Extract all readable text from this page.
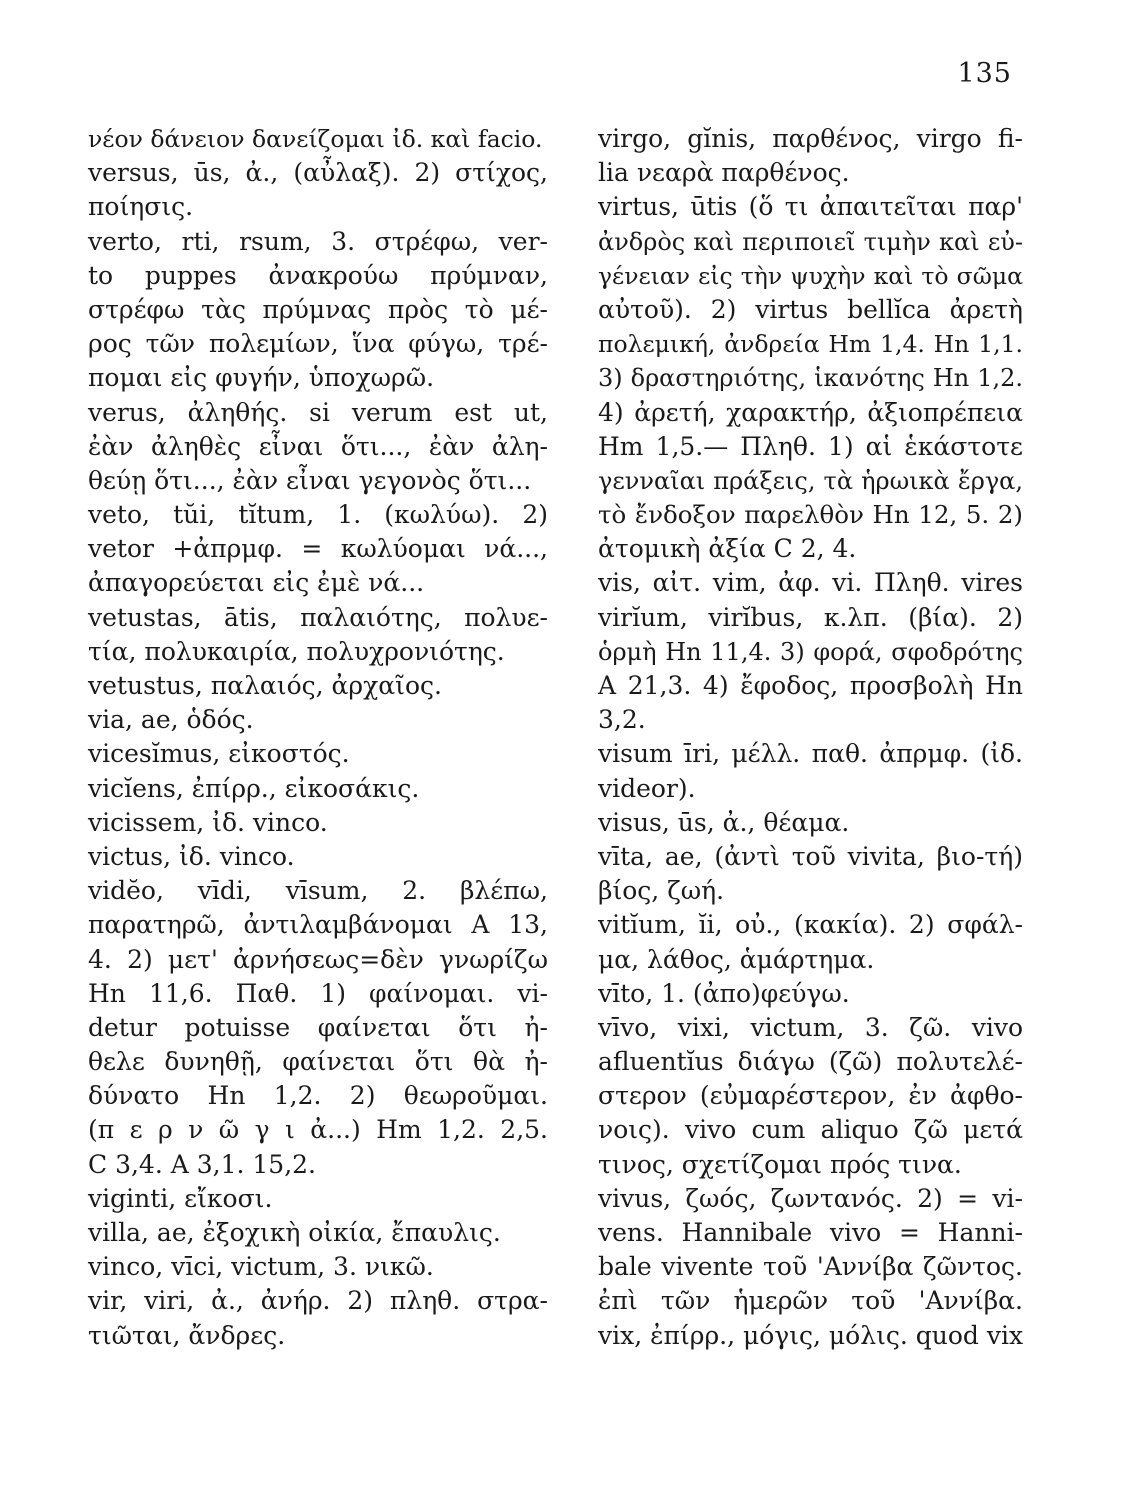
135
νέον δάνειον δανείζομαι ἰδ. καὶ facio.
versus, ūs, ἀ., (αὖλαξ). 2) στίχος,
ποίησις.
verto, rti, rsum, 3. στρέφω, ver-
to puppes ἀνακρούω πρύμναν,
στρέφω τὰς πρύμνας πρὸς τὸ μέ-
ρος τῶν πολεμίων, ἵνα φύγω, τρέ-
πομαι εἰς φυγήν, ὑποχωρῶ.
verus, ἀληθής. si verum est ut,
ἐὰν ἀληθὲς εἶναι ὅτι..., ἐὰν ἀλη-
θεύῃ ὅτι..., ἐὰν εἶναι γεγονὸς ὅτι...
veto, tŭi, tĭtum, 1. (κωλύω). 2)
vetor +ἀπρμφ. = κωλύομαι νά...,
ἀπαγορεύεται εἰς ἐμὲ νά...
vetustas, ātis, παλαιότης, πολυε-
τία, πολυκαιρία, πολυχρονιότης.
vetustus, παλαιός, ἀρχαῖος.
via, ae, ὁδός.
vicesĭmus, εἰκοστός.
vicĭens, ἐπίρρ., εἰκοσάκις.
vicissem, ἰδ. vinco.
victus, ἰδ. vinco.
vidĕo, vīdi, vīsum, 2. βλέπω,
παρατηρῶ, ἀντιλαμβάνομαι A 13,
4. 2) μετ' ἀρνήσεως=δὲν γνωρίζω
Hn 11,6. Παθ. 1) φαίνομαι. vi-
detur potuisse φαίνεται ὅτι ἠ-
θελε δυνηθῇ, φαίνεται ὅτι θὰ ἠ-
δύνατο Hn 1,2. 2) θεωροῦμαι.
(π ε ρ ν ῶ γ ι ἀ...) Hm 1,2. 2,5.
C 3,4. A 3,1. 15,2.
viginti, εἴκοσι.
villa, ae, ἐξοχικὴ οἰκία, ἔπαυλις.
vinco, vīci, victum, 3. νικῶ.
vir, viri, ἀ., ἀνήρ. 2) πληθ. στρα-
τιῶται, ἄνδρες.
virgo, gĭnis, παρθένος, virgo fi-
lia νεαρὰ παρθένος.
virtus, ūtis (ὅ τι ἀπαιτεῖται παρ'
ἀνδρὸς καὶ περιποιεῖ τιμὴν καὶ εὐ-
γένειαν εἰς τὴν ψυχὴν καὶ τὸ σῶμα
αὐτοῦ). 2) virtus bellĭca ἀρετὴ
πολεμική, ἀνδρεία Hm 1,4. Hn 1,1.
3) δραστηριότης, ἱκανότης Hn 1,2.
4) ἀρετή, χαρακτήρ, ἀξιοπρέπεια
Hm 1,5.— Πληθ. 1) αἱ ἑκάστοτε
γενναῖαι πράξεις, τὰ ἡρωικὰ ἔργα,
τὸ ἔνδοξον παρελθὸν Hn 12, 5. 2)
ἀτομικὴ ἀξία C 2, 4.
vis, αἰτ. vim, ἀφ. vi. Πληθ. vires
virĭum, virĭbus, κ.λπ. (βία). 2)
ὁρμὴ Hn 11,4. 3) φορά, σφοδρότης
A 21,3. 4) ἔφοδος, προσβολὴ Hn
3,2.
visum īri, μέλλ. παθ. ἀπρμφ. (ἰδ.
videor).
visus, ūs, ἀ., θέαμα.
vīta, ae, (ἀντὶ τοῦ vivita, βιο-τή)
βίος, ζωή.
vitĭum, ĭi, οὐ., (κακία). 2) σφάλ-
μα, λάθος, ἁμάρτημα.
vīto, 1. (ἀπο)φεύγω.
vīvo, vixi, victum, 3. ζῶ. vivo
afluentĭus διάγω (ζῶ) πολυτελέ-
στερον (εὐμαρέστερον, ἐν ἀφθο-
νοις). vivo cum aliquo ζῶ μετά
τινος, σχετίζομαι πρός τινα.
vivus, ζωός, ζωντανός. 2) = vi-
vens. Hannibale vivo = Hanni-
bale vivente τοῦ 'Αννίβα ζῶντος.
ἐπὶ τῶν ἡμερῶν τοῦ 'Αννίβα.
vix, ἐπίρρ., μόγις, μόλις. quod vix
